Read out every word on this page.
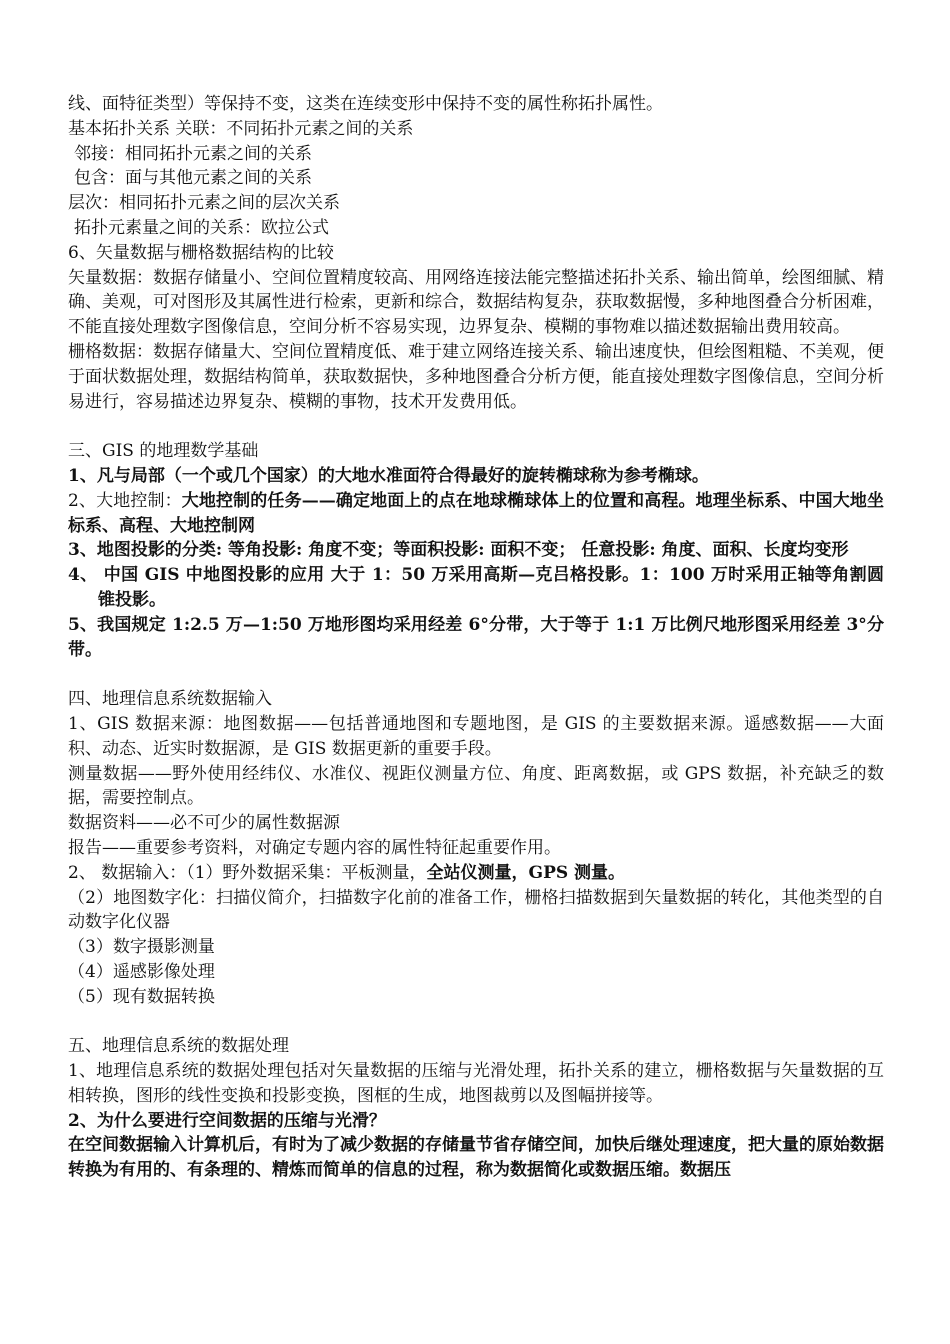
线、面特征类型）等保持不变，这类在连续变形中保持不变的属性称拓扑属性。

基本拓扑关系 关联：不同拓扑元素之间的关系

邻接：相同拓扑元素之间的关系

包含：面与其他元素之间的关系

层次：相同拓扑元素之间的层次关系

拓扑元素量之间的关系：欧拉公式

6、矢量数据与栅格数据结构的比较

矢量数据：数据存储量小、空间位置精度较高、用网络连接法能完整描述拓扑关系、输出简单，绘图细腻、精确、美观，可对图形及其属性进行检索，更新和综合，数据结构复杂，获取数据慢，多种地图叠合分析困难，不能直接处理数字图像信息，空间分析不容易实现，边界复杂、模糊的事物难以描述数据输出费用较高。

栅格数据：数据存储量大、空间位置精度低、难于建立网络连接关系、输出速度快，但绘图粗糙、不美观，便于面状数据处理，数据结构简单，获取数据快，多种地图叠合分析方便，能直接处理数字图像信息，空间分析易进行，容易描述边界复杂、模糊的事物，技术开发费用低。

三、GIS 的地理数学基础

1、凡与局部（一个或几个国家）的大地水准面符合得最好的旋转椭球称为参考椭球。

2、大地控制：大地控制的任务——确定地面上的点在地球椭球体上的位置和高程。地理坐标系、中国大地坐标系、高程、大地控制网

3、地图投影的分类: 等角投影: 角度不变；等面积投影: 面积不变； 任意投影: 角度、面积、长度均变形

4、 中国 GIS 中地图投影的应用 大于 1：50 万采用高斯—克吕格投影。1：100 万时采用正轴等角割圆锥投影。

5、我国规定 1:2.5 万—1:50 万地形图均采用经差 6°分带，大于等于 1:1 万比例尺地形图采用经差 3°分带。

四、地理信息系统数据输入

1、GIS 数据来源：地图数据——包括普通地图和专题地图，是 GIS 的主要数据来源。遥感数据——大面积、动态、近实时数据源，是 GIS 数据更新的重要手段。

测量数据——野外使用经纬仪、水准仪、视距仪测量方位、角度、距离数据，或 GPS 数据，补充缺乏的数据，需要控制点。

数据资料——必不可少的属性数据源

报告——重要参考资料，对确定专题内容的属性特征起重要作用。

2、 数据输入：（1）野外数据采集：平板测量，全站仪测量，GPS 测量。

（2）地图数字化：扫描仪简介，扫描数字化前的准备工作，栅格扫描数据到矢量数据的转化，其他类型的自动数字化仪器

（3）数字摄影测量

（4）遥感影像处理

（5）现有数据转换

五、地理信息系统的数据处理

1、地理信息系统的数据处理包括对矢量数据的压缩与光滑处理，拓扑关系的建立，栅格数据与矢量数据的互相转换，图形的线性变换和投影变换，图框的生成，地图裁剪以及图幅拼接等。

2、为什么要进行空间数据的压缩与光滑？

在空间数据输入计算机后，有时为了减少数据的存储量节省存储空间，加快后继处理速度，把大量的原始数据转换为有用的、有条理的、精炼而简单的信息的过程，称为数据简化或数据压缩。数据压
